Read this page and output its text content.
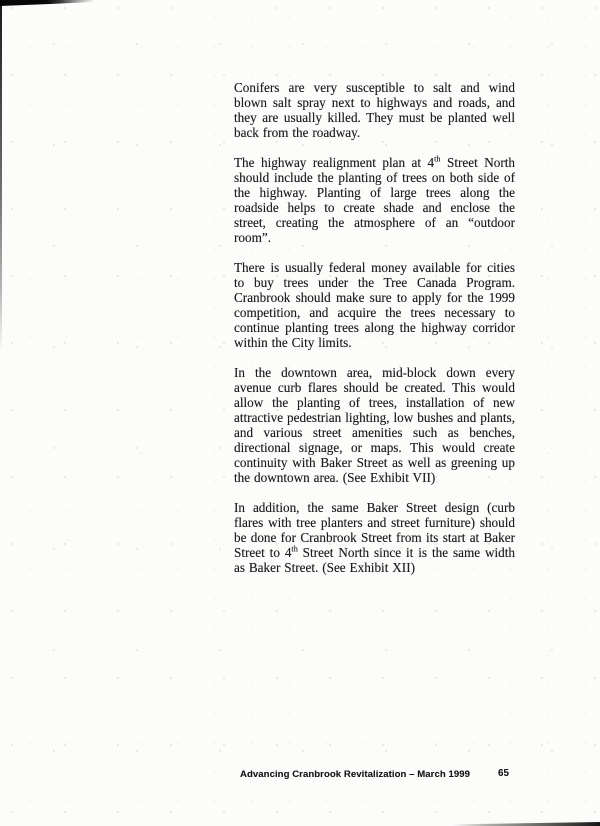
Conifers are very susceptible to salt and wind blown salt spray next to highways and roads, and they are usually killed. They must be planted well back from the roadway.

The highway realignment plan at 4th Street North should include the planting of trees on both side of the highway. Planting of large trees along the roadside helps to create shade and enclose the street, creating the atmosphere of an “outdoor room”.

There is usually federal money available for cities to buy trees under the Tree Canada Program. Cranbrook should make sure to apply for the 1999 competition, and acquire the trees necessary to continue planting trees along the highway corridor within the City limits.

In the downtown area, mid-block down every avenue curb flares should be created. This would allow the planting of trees, installation of new attractive pedestrian lighting, low bushes and plants, and various street amenities such as benches, directional signage, or maps. This would create continuity with Baker Street as well as greening up the downtown area. (See Exhibit VII)

In addition, the same Baker Street design (curb flares with tree planters and street furniture) should be done for Cranbrook Street from its start at Baker Street to 4th Street North since it is the same width as Baker Street. (See Exhibit XII)

Advancing Cranbrook Revitalization – March 1999	65
